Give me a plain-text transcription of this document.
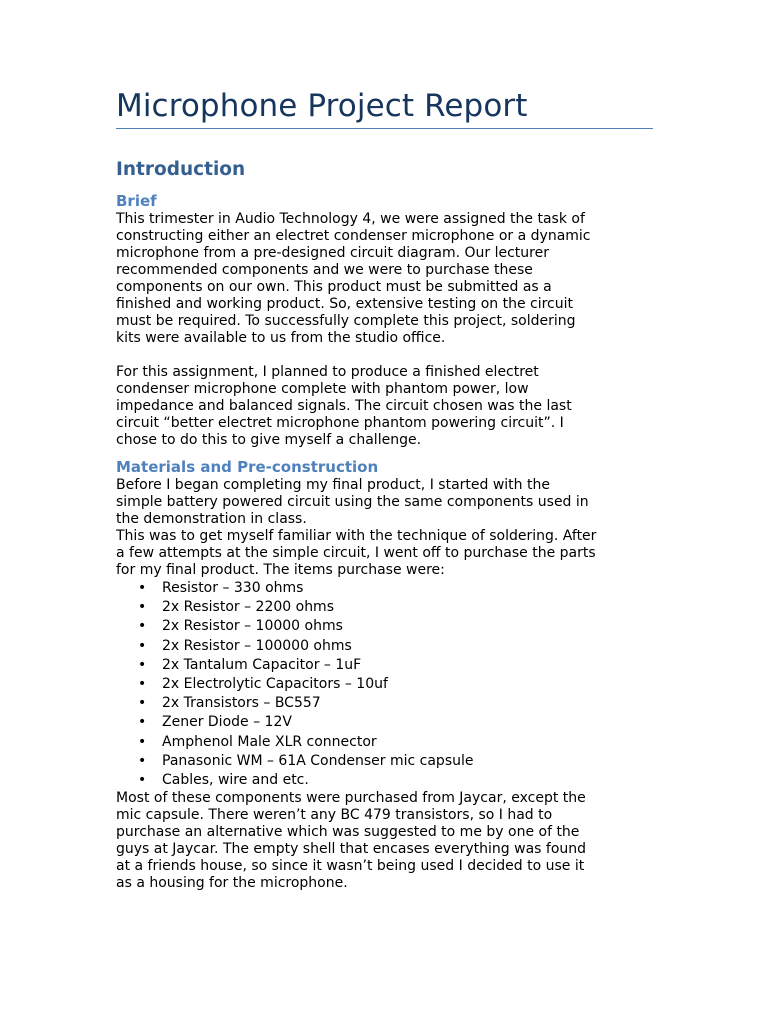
Microphone Project Report
Introduction
Brief

This trimester in Audio Technology 4, we were assigned the task of
constructing either an electret condenser microphone or a dynamic
microphone from a pre-designed circuit diagram. Our lecturer
recommended components and we were to purchase these
components on our own. This product must be submitted as a
finished and working product. So, extensive testing on the circuit
must be required. To successfully complete this project, soldering
kits were available to us from the studio office.

For this assignment, I planned to produce a finished electret
condenser microphone complete with phantom power, low
impedance and balanced signals. The circuit chosen was the last
circuit “better electret microphone phantom powering circuit”. I
chose to do this to give myself a challenge.

Materials and Pre-construction

Before I began completing my final product, I started with the
simple battery powered circuit using the same components used in
the demonstration in class.
This was to get myself familiar with the technique of soldering. After
a few attempts at the simple circuit, I went off to purchase the parts
for my final product. The items purchase were:

• Resistor – 330 ohms
• 2x Resistor – 2200 ohms
• 2x Resistor – 10000 ohms
• 2x Resistor – 100000 ohms
• 2x Tantalum Capacitor – 1uF
• 2x Electrolytic Capacitors – 10uf
• 2x Transistors – BC557
• Zener Diode – 12V
• Amphenol Male XLR connector
• Panasonic WM – 61A Condenser mic capsule
• Cables, wire and etc.

Most of these components were purchased from Jaycar, except the
mic capsule. There weren’t any BC 479 transistors, so I had to
purchase an alternative which was suggested to me by one of the
guys at Jaycar. The empty shell that encases everything was found
at a friends house, so since it wasn’t being used I decided to use it
as a housing for the microphone.
